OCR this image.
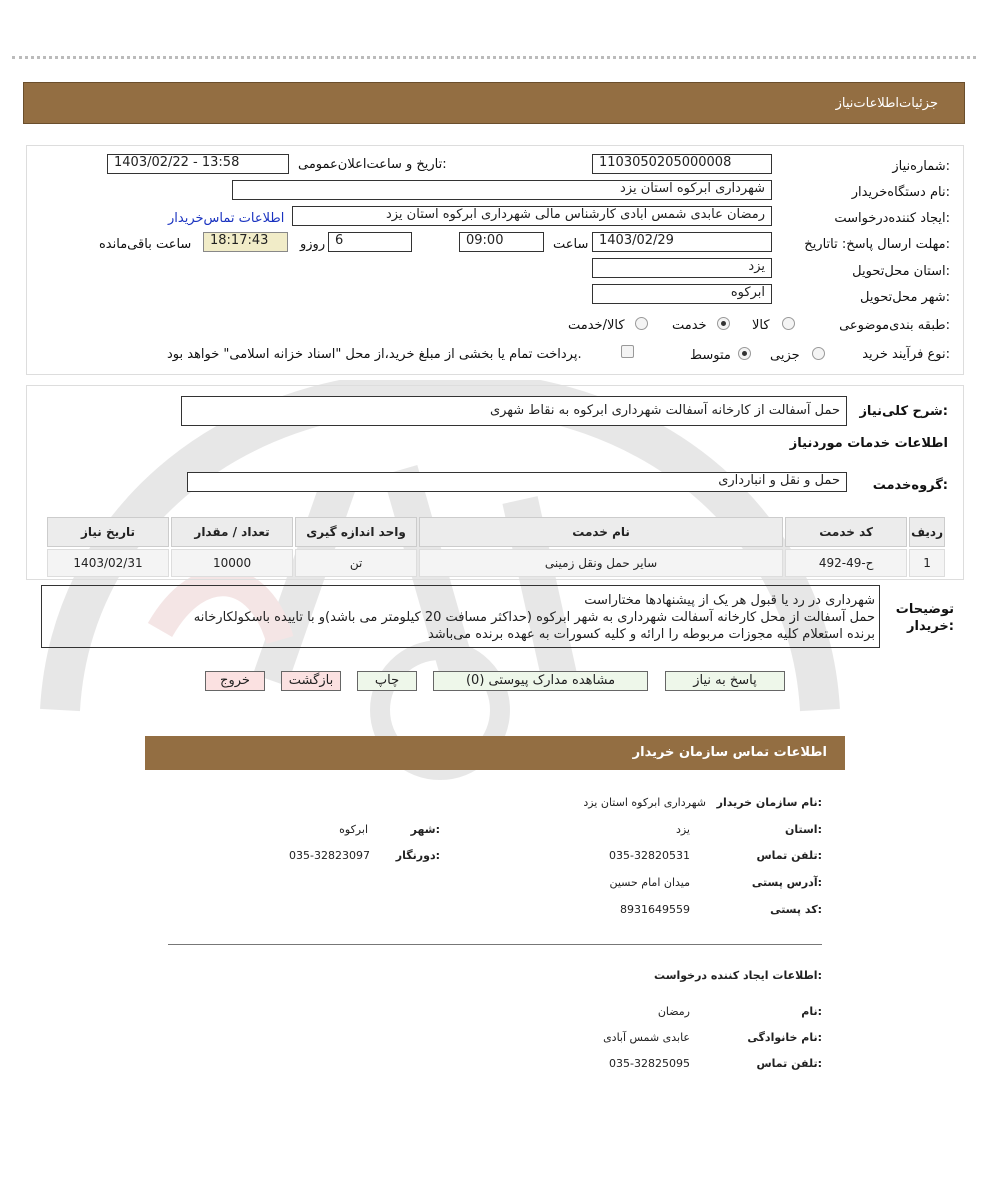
جزئیات‌اطلاعات‌نیاز
شماره‌نیاز:
1103050205000008
تاریخ و ساعت‌اعلان‌عمومی:
1403/02/22 - 13:58
نام دستگاه‌خریدار:
شهرداری ابرکوه استان یزد
ایجاد کننده‌درخواست:
رمضان عابدی شمس ابادی کارشناس مالی شهرداری ابرکوه استان یزد
اطلاعات تماس‌خریدار
مهلت ارسال پاسخ: تاتاریخ:
1403/02/29
ساعت
09:00
6
روزو
18:17:43
ساعت باقی‌مانده
استان محل‌تحویل:
یزد
شهر محل‌تحویل:
ابرکوه
طبقه بندی‌موضوعی:
کالا
خدمت
کالا/خدمت
نوع فرآیند خرید:
جزیی
متوسط
پرداخت تمام یا بخشی از مبلغ خرید،از محل "اسناد خزانه اسلامی" خواهد بود.
شرح کلی‌نیاز:
حمل آسفالت از کارخانه آسفالت شهرداری ابرکوه به نقاط شهری
اطلاعات خدمات مورد‌نیاز
گروه‌خدمت:
حمل و نقل و انبارداری
ردیف	کد خدمت	نام خدمت	واحد اندازه گیری	تعداد / مقدار	تاریخ نیاز
1	ح-49-492	سایر حمل ونقل زمینی	تن	10000	1403/02/31
توضیحات
خریدار:
شهرداری در رد یا قبول هر یک از پیشنهادها مختاراست
حمل آسفالت از محل کارخانه آسفالت شهرداری به شهر ابرکوه (حداکثر مسافت 20 کیلومتر می باشد)و با تاییده باسکولکارخانه
برنده استعلام کلیه مجوزات مربوطه را ارائه و کلیه کسورات به عهده برنده می‌باشد
پاسخ به نیاز
مشاهده مدارک پیوستی (0)
چاپ
بازگشت
خروج
اطلاعات تماس سازمان خریدار
نام سازمان خریدار:
شهرداری ابرکوه استان یزد
استان:
یزد
شهر:
ابرکوه
تلفن تماس:
035-32820531
دورنگار:
035-32823097
آدرس پستی:
میدان امام حسین
کد پستی:
8931649559
اطلاعات ایجاد کننده درخواست:
نام:
رمضان
نام خانوادگی:
عابدی شمس آبادی
تلفن تماس:
035-32825095
